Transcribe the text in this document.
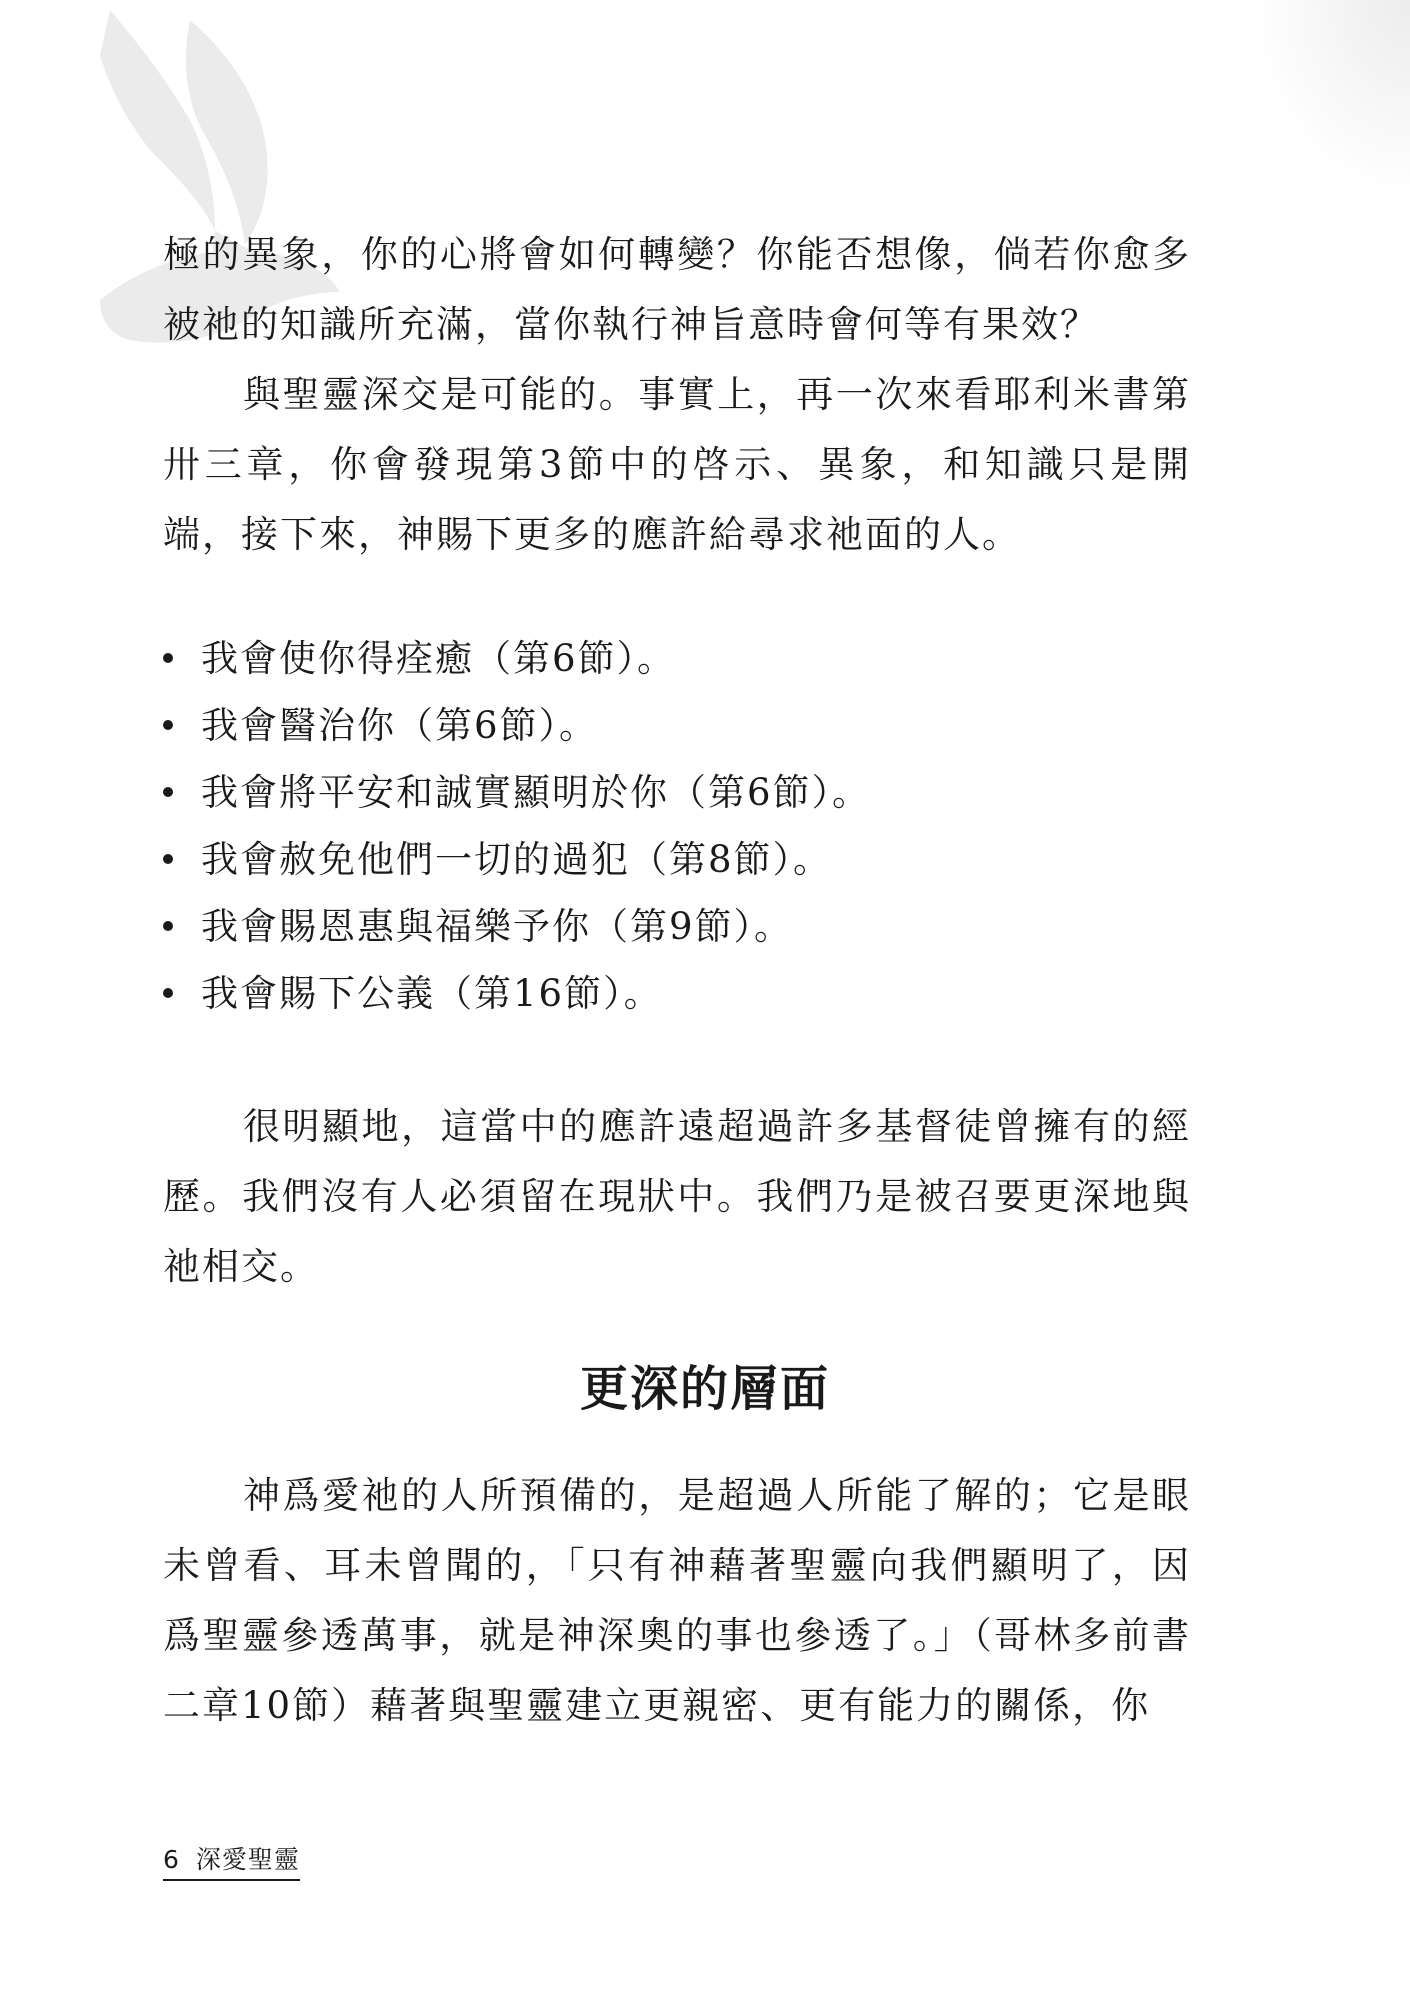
極的異象，你的心將會如何轉變？你能否想像，倘若你愈多被祂的知識所充滿，當你執行神旨意時會何等有果效？

與聖靈深交是可能的。事實上，再一次來看耶利米書第卅三章，你會發現第3節中的啓示、異象，和知識只是開端，接下來，神賜下更多的應許給尋求祂面的人。

我會使你得痊癒（第6節）。
我會醫治你（第6節）。
我會將平安和誠實顯明於你（第6節）。
我會赦免他們一切的過犯（第8節）。
我會賜恩惠與福樂予你（第9節）。
我會賜下公義（第16節）。

很明顯地，這當中的應許遠超過許多基督徒曾擁有的經歷。我們沒有人必須留在現狀中。我們乃是被召要更深地與祂相交。

更深的層面

神爲愛祂的人所預備的，是超過人所能了解的；它是眼未曾看、耳未曾聞的，「只有神藉著聖靈向我們顯明了，因爲聖靈參透萬事，就是神深奧的事也參透了。」（哥林多前書二章10節）藉著與聖靈建立更親密、更有能力的關係，你

6 深愛聖靈
